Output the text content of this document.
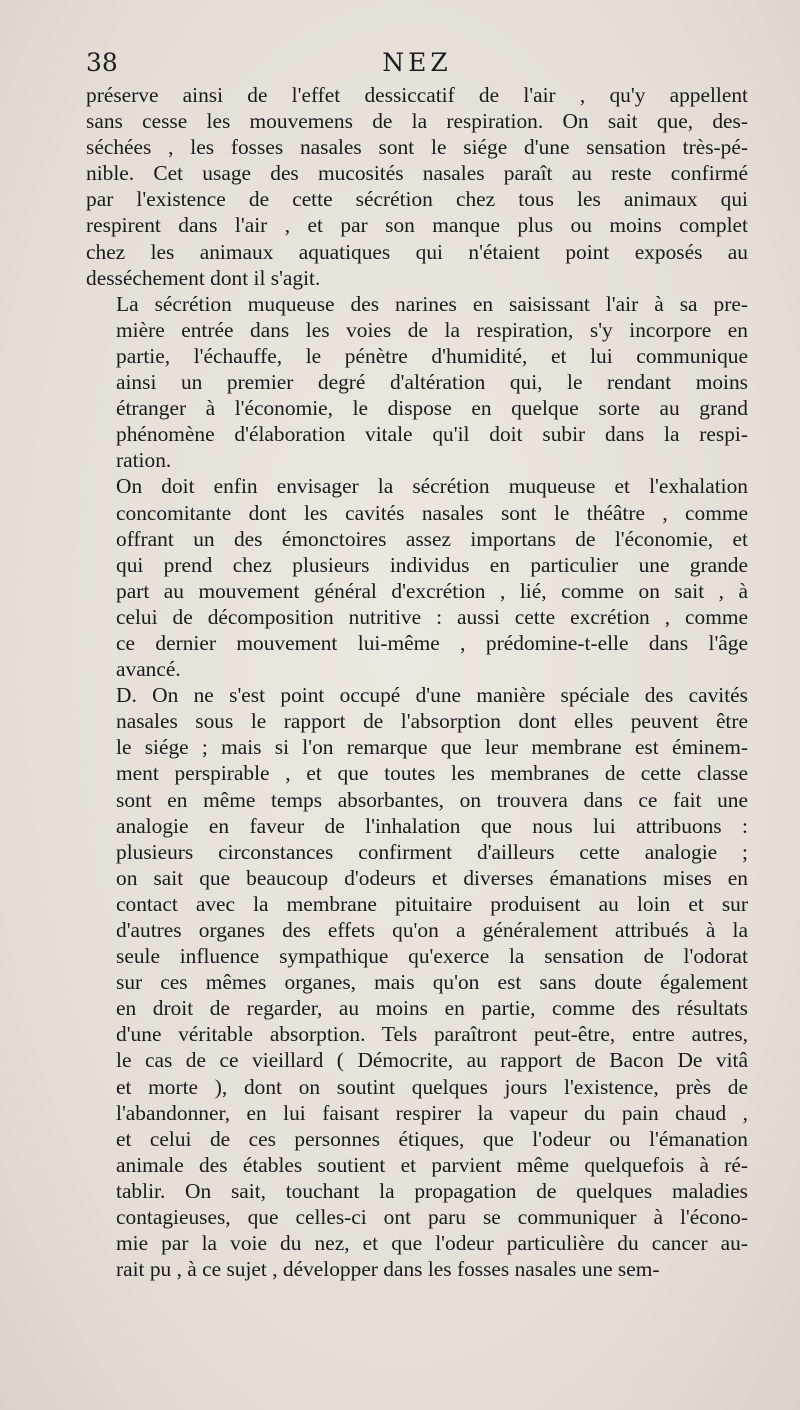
38	NEZ
préserve ainsi de l'effet dessiccatif de l'air , qu'y appellent
sans cesse les mouvemens de la respiration. On sait que, des-
séchées , les fosses nasales sont le siége d'une sensation très-pé-
nible. Cet usage des mucosités nasales paraît au reste confirmé
par l'existence de cette sécrétion chez tous les animaux qui
respirent dans l'air , et par son manque plus ou moins complet
chez les animaux aquatiques qui n'étaient point exposés au
desséchement dont il s'agit.
La sécrétion muqueuse des narines en saisissant l'air à sa pre-
mière entrée dans les voies de la respiration, s'y incorpore en
partie, l'échauffe, le pénètre d'humidité, et lui communique
ainsi un premier degré d'altération qui, le rendant moins
étranger à l'économie, le dispose en quelque sorte au grand
phénomène d'élaboration vitale qu'il doit subir dans la respi-
ration.
On doit enfin envisager la sécrétion muqueuse et l'exhalation
concomitante dont les cavités nasales sont le théâtre , comme
offrant un des émonctoires assez importans de l'économie, et
qui prend chez plusieurs individus en particulier une grande
part au mouvement général d'excrétion , lié, comme on sait , à
celui de décomposition nutritive : aussi cette excrétion , comme
ce dernier mouvement lui-même , prédomine-t-elle dans l'âge
avancé.
D. On ne s'est point occupé d'une manière spéciale des cavités
nasales sous le rapport de l'absorption dont elles peuvent être
le siége ; mais si l'on remarque que leur membrane est éminem-
ment perspirable , et que toutes les membranes de cette classe
sont en même temps absorbantes, on trouvera dans ce fait une
analogie en faveur de l'inhalation que nous lui attribuons :
plusieurs circonstances confirment d'ailleurs cette analogie ;
on sait que beaucoup d'odeurs et diverses émanations mises en
contact avec la membrane pituitaire produisent au loin et sur
d'autres organes des effets qu'on a généralement attribués à la
seule influence sympathique qu'exerce la sensation de l'odorat
sur ces mêmes organes, mais qu'on est sans doute également
en droit de regarder, au moins en partie, comme des résultats
d'une véritable absorption. Tels paraîtront peut-être, entre autres,
le cas de ce vieillard ( Démocrite, au rapport de Bacon De vitâ
et morte ), dont on soutint quelques jours l'existence, près de
l'abandonner, en lui faisant respirer la vapeur du pain chaud ,
et celui de ces personnes étiques, que l'odeur ou l'émanation
animale des étables soutient et parvient même quelquefois à ré-
tablir. On sait, touchant la propagation de quelques maladies
contagieuses, que celles-ci ont paru se communiquer à l'écono-
mie par la voie du nez, et que l'odeur particulière du cancer au-
rait pu , à ce sujet , développer dans les fosses nasales une sem-
